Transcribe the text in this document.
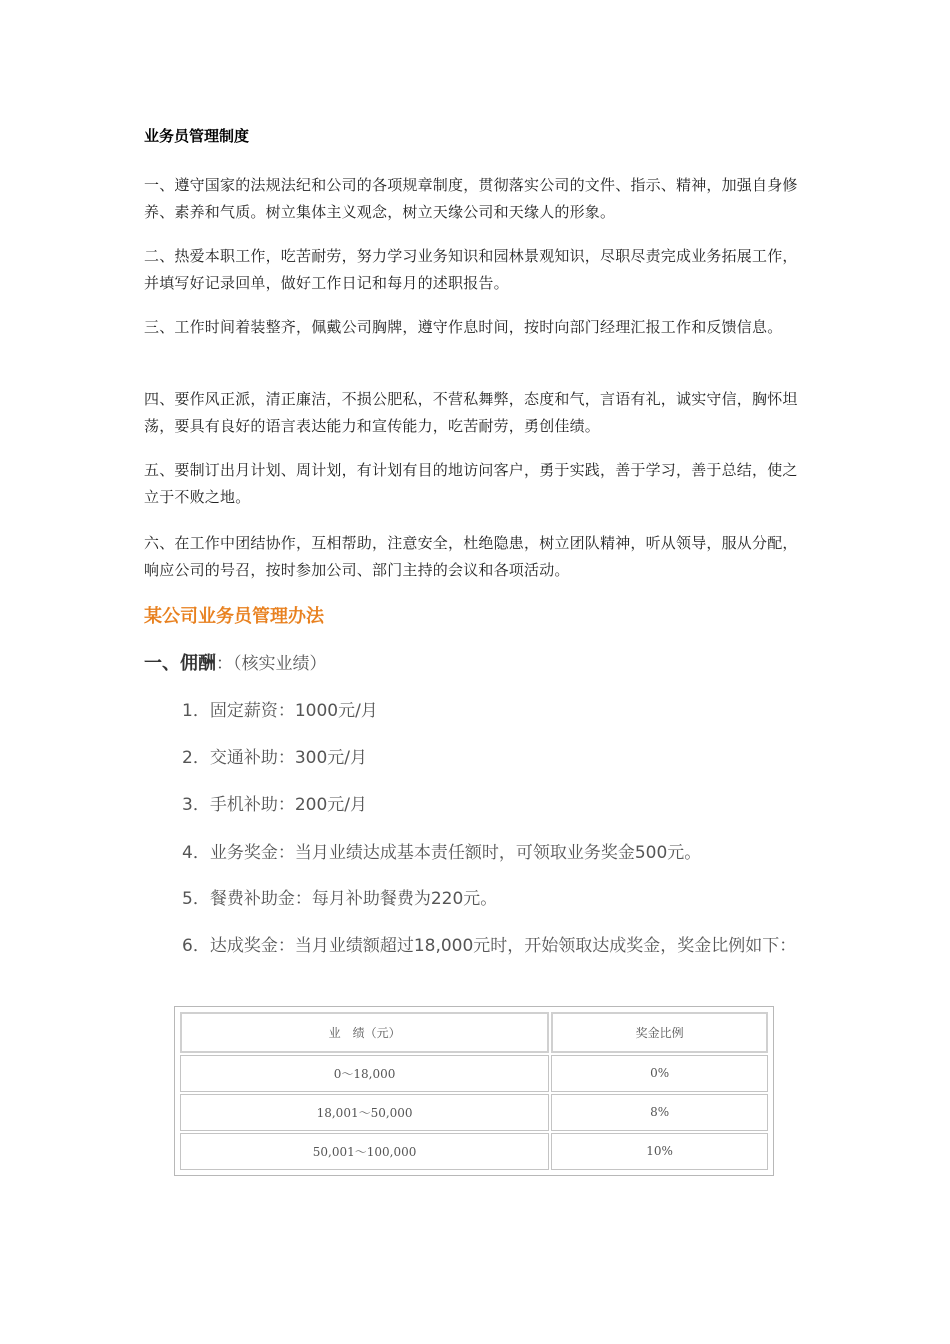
业务员管理制度
一、遵守国家的法规法纪和公司的各项规章制度，贯彻落实公司的文件、指示、精神，加强自身修养、素养和气质。树立集体主义观念，树立天缘公司和天缘人的形象。
二、热爱本职工作，吃苦耐劳，努力学习业务知识和园林景观知识，尽职尽责完成业务拓展工作，并填写好记录回单，做好工作日记和每月的述职报告。
三、工作时间着装整齐，佩戴公司胸牌，遵守作息时间，按时向部门经理汇报工作和反馈信息。
四、要作风正派，清正廉洁，不损公肥私，不营私舞弊，态度和气，言语有礼，诚实守信，胸怀坦荡，要具有良好的语言表达能力和宣传能力，吃苦耐劳，勇创佳绩。
五、要制订出月计划、周计划，有计划有目的地访问客户，勇于实践，善于学习，善于总结，使之立于不败之地。
六、在工作中团结协作，互相帮助，注意安全，杜绝隐患，树立团队精神，听从领导，服从分配，响应公司的号召，按时参加公司、部门主持的会议和各项活动。
某公司业务员管理办法
一、佣酬：（核实业绩）
1．固定薪资：1000元/月
2．交通补助：300元/月
3．手机补助：200元/月
4．业务奖金：当月业绩达成基本责任额时，可领取业务奖金500元。
5．餐费补助金：每月补助餐费为220元。
6．达成奖金：当月业绩额超过18,000元时，开始领取达成奖金，奖金比例如下：
业　绩（元）	奖金比例
0～18,000	0%
18,001～50,000	8%
50,001～100,000	10%
